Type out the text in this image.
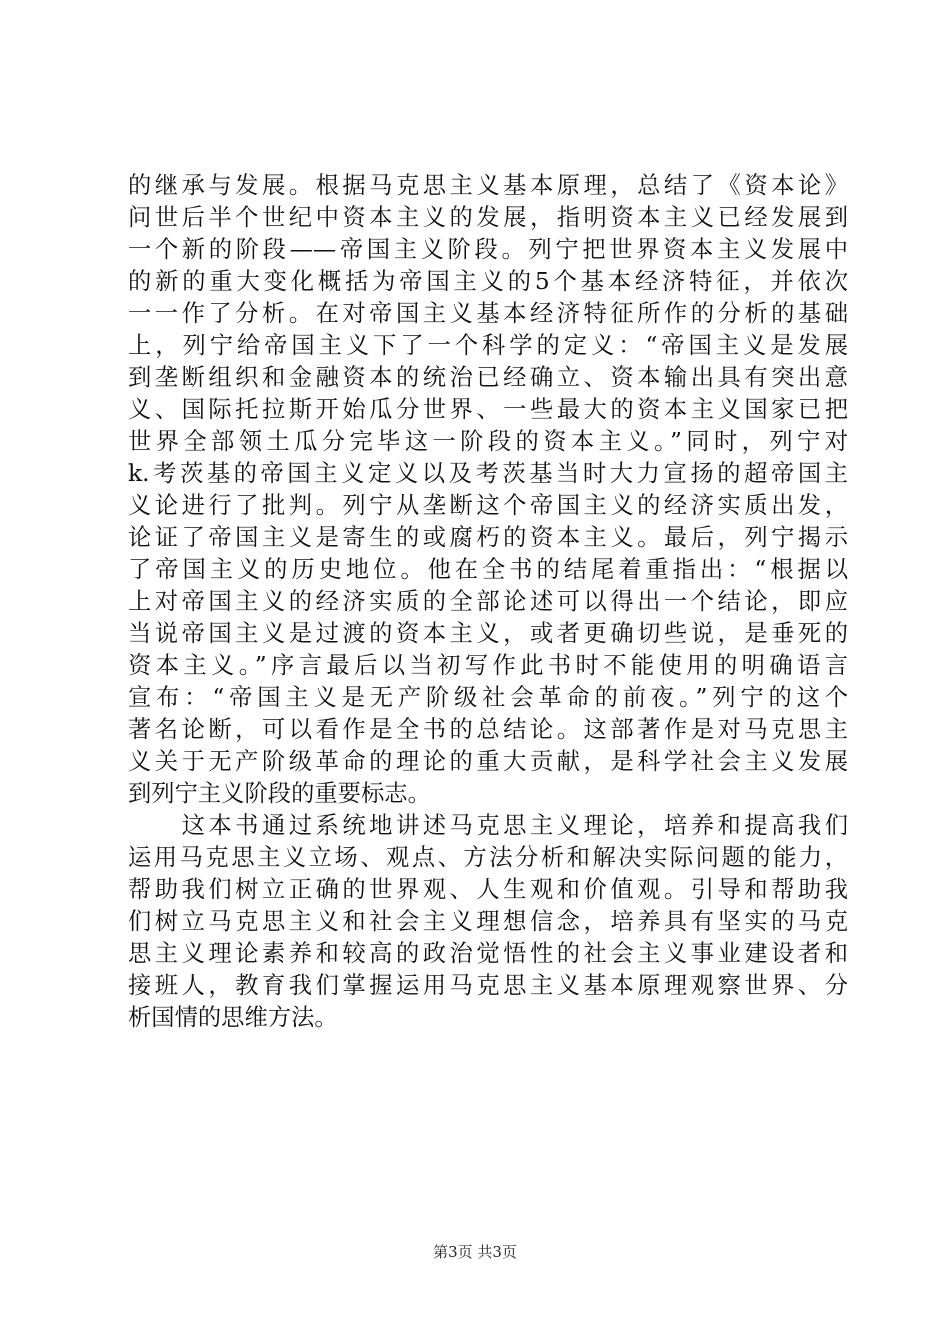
的继承与发展。根据马克思主义基本原理，总结了《资本论》
问世后半个世纪中资本主义的发展，指明资本主义已经发展到
一个新的阶段——帝国主义阶段。列宁把世界资本主义发展中
的新的重大变化概括为帝国主义的5个基本经济特征，并依次
一一作了分析。在对帝国主义基本经济特征所作的分析的基础
上，列宁给帝国主义下了一个科学的定义：“帝国主义是发展
到垄断组织和金融资本的统治已经确立、资本输出具有突出意
义、国际托拉斯开始瓜分世界、一些最大的资本主义国家已把
世界全部领土瓜分完毕这一阶段的资本主义。”同时，列宁对
k.考茨基的帝国主义定义以及考茨基当时大力宣扬的超帝国主
义论进行了批判。列宁从垄断这个帝国主义的经济实质出发，
论证了帝国主义是寄生的或腐朽的资本主义。最后，列宁揭示
了帝国主义的历史地位。他在全书的结尾着重指出：“根据以
上对帝国主义的经济实质的全部论述可以得出一个结论，即应
当说帝国主义是过渡的资本主义，或者更确切些说，是垂死的
资本主义。”序言最后以当初写作此书时不能使用的明确语言
宣布：“帝国主义是无产阶级社会革命的前夜。”列宁的这个
著名论断，可以看作是全书的总结论。这部著作是对马克思主
义关于无产阶级革命的理论的重大贡献，是科学社会主义发展
到列宁主义阶段的重要标志。
　　这本书通过系统地讲述马克思主义理论，培养和提高我们
运用马克思主义立场、观点、方法分析和解决实际问题的能力，
帮助我们树立正确的世界观、人生观和价值观。引导和帮助我
们树立马克思主义和社会主义理想信念，培养具有坚实的马克
思主义理论素养和较高的政治觉悟性的社会主义事业建设者和
接班人，教育我们掌握运用马克思主义基本原理观察世界、分
析国情的思维方法。
第3页 共3页
